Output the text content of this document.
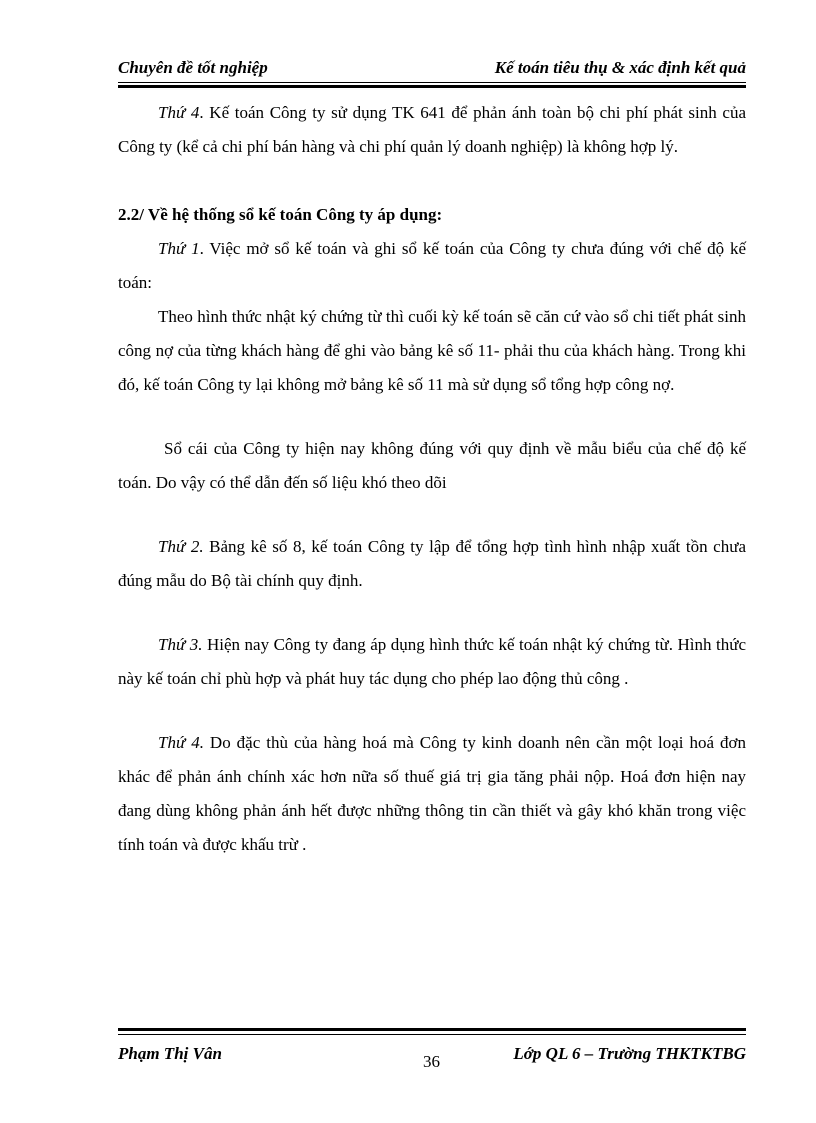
Chuyên đề tốt nghiệp	Kế toán tiêu thụ & xác định kết quả

Thứ 4. Kế toán Công ty sử dụng TK 641 để phản ánh toàn bộ chi phí phát sinh của Công ty (kể cả chi phí bán hàng và chi phí quản lý doanh nghiệp) là không hợp lý.

2.2/ Về hệ thống sổ kế toán Công ty áp dụng:

Thứ 1. Việc mở sổ kế toán và ghi sổ kế toán của Công ty chưa đúng với chế độ kế toán:

Theo hình thức nhật ký chứng từ thì cuối kỳ kế toán sẽ căn cứ vào sổ chi tiết phát sinh công nợ của từng khách hàng để ghi vào bảng kê số 11- phải thu của khách hàng. Trong khi đó, kế toán Công ty lại không mở bảng kê số 11 mà sử dụng sổ tổng hợp công nợ.

Sổ cái của Công ty hiện nay không đúng với quy định về mẫu biểu của chế độ kế toán. Do vậy có thể dẫn đến số liệu khó theo dõi

Thứ 2. Bảng kê số 8, kế toán Công ty lập để tổng hợp tình hình nhập xuất tồn chưa đúng mẫu do Bộ tài chính quy định.

Thứ 3. Hiện nay Công ty đang áp dụng hình thức kế toán nhật ký chứng từ. Hình thức này kế toán chỉ phù hợp và phát huy tác dụng cho phép lao động thủ công .

Thứ 4. Do đặc thù của hàng hoá mà Công ty kinh doanh nên cần một loại hoá đơn khác để phản ánh chính xác hơn nữa số thuế giá trị gia tăng phải nộp. Hoá đơn hiện nay đang dùng không phản ánh hết được những thông tin cần thiết và gây khó khăn trong việc tính toán và được khấu trừ .

Phạm Thị Vân	36	Lớp QL 6 – Trường THKTKTBG
